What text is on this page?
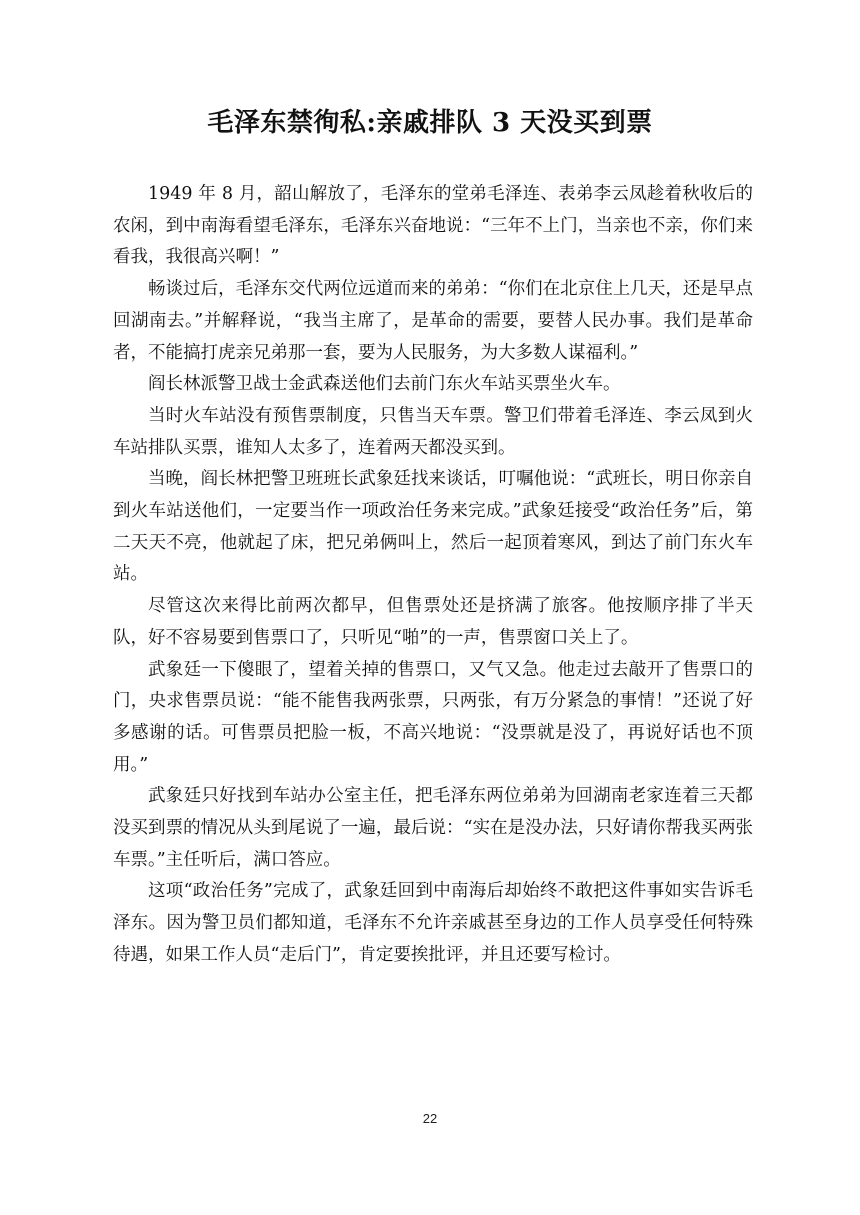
毛泽东禁徇私:亲戚排队 3 天没买到票

1949 年 8 月，韶山解放了，毛泽东的堂弟毛泽连、表弟李云凤趁着秋收后的农闲，到中南海看望毛泽东，毛泽东兴奋地说：“三年不上门，当亲也不亲，你们来看我，我很高兴啊！”

畅谈过后，毛泽东交代两位远道而来的弟弟：“你们在北京住上几天，还是早点回湖南去。”并解释说，“我当主席了，是革命的需要，要替人民办事。我们是革命者，不能搞打虎亲兄弟那一套，要为人民服务，为大多数人谋福利。”

阎长林派警卫战士金武森送他们去前门东火车站买票坐火车。

当时火车站没有预售票制度，只售当天车票。警卫们带着毛泽连、李云凤到火车站排队买票，谁知人太多了，连着两天都没买到。

当晚，阎长林把警卫班班长武象廷找来谈话，叮嘱他说：“武班长，明日你亲自到火车站送他们，一定要当作一项政治任务来完成。”武象廷接受“政治任务”后，第二天天不亮，他就起了床，把兄弟俩叫上，然后一起顶着寒风，到达了前门东火车站。

尽管这次来得比前两次都早，但售票处还是挤满了旅客。他按顺序排了半天队，好不容易要到售票口了，只听见“啪”的一声，售票窗口关上了。

武象廷一下傻眼了，望着关掉的售票口，又气又急。他走过去敲开了售票口的门，央求售票员说：“能不能售我两张票，只两张，有万分紧急的事情！”还说了好多感谢的话。可售票员把脸一板，不高兴地说：“没票就是没了，再说好话也不顶用。”

武象廷只好找到车站办公室主任，把毛泽东两位弟弟为回湖南老家连着三天都没买到票的情况从头到尾说了一遍，最后说：“实在是没办法，只好请你帮我买两张车票。”主任听后，满口答应。

这项“政治任务”完成了，武象廷回到中南海后却始终不敢把这件事如实告诉毛泽东。因为警卫员们都知道，毛泽东不允许亲戚甚至身边的工作人员享受任何特殊待遇，如果工作人员“走后门”，肯定要挨批评，并且还要写检讨。

22
